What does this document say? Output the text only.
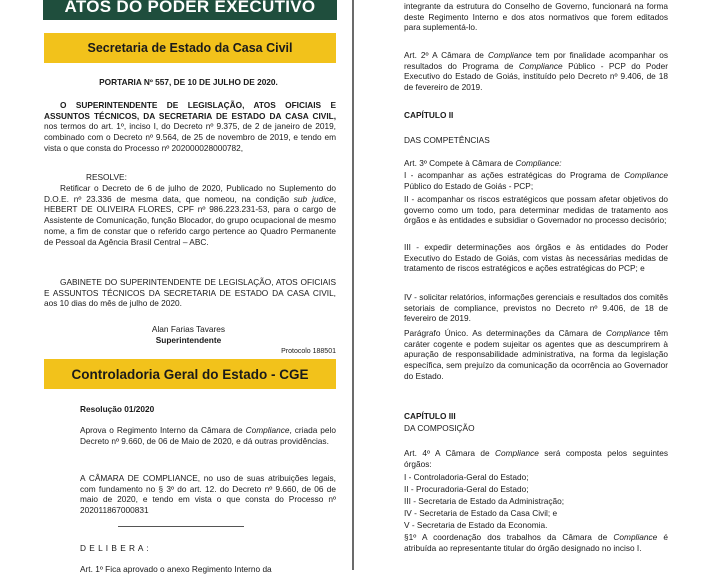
ATOS DO PODER EXECUTIVO
Secretaria de Estado da Casa Civil

PORTARIA Nº 557, DE 10 DE JULHO DE 2020.

O SUPERINTENDENTE DE LEGISLAÇÃO, ATOS OFICIAIS E ASSUNTOS TÉCNICOS, DA SECRETARIA DE ESTADO DA CASA CIVIL, nos termos do art. 1º, inciso I, do Decreto nº 9.375, de 2 de janeiro de 2019, combinado com o Decreto nº 9.564, de 25 de novembro de 2019, e tendo em vista o que consta do Processo nº 202000028000782,

RESOLVE:

Retificar o Decreto de 6 de julho de 2020, Publicado no Suplemento do D.O.E. nº 23.336 de mesma data, que nomeou, na condição sub judice, HEBERT DE OLIVEIRA FLORES, CPF nº 986.223.231-53, para o cargo de Assistente de Comunicação, função Blocador, do grupo ocupacional de mesmo nome, a fim de constar que o referido cargo pertence ao Quadro Permanente de Pessoal da Agência Brasil Central – ABC.

GABINETE DO SUPERINTENDENTE DE LEGISLAÇÃO, ATOS OFICIAIS E ASSUNTOS TÉCNICOS DA SECRETARIA DE ESTADO DA CASA CIVIL, aos 10 dias do mês de julho de 2020.

Alan Farias Tavares

Superintendente

Protocolo 188501

Controladoria Geral do Estado - CGE

Resolução 01/2020

Aprova o Regimento Interno da Câmara de Compliance, criada pelo Decreto nº 9.660, de 06 de Maio de 2020, e dá outras providências.

A CÂMARA DE COMPLIANCE, no uso de suas atribuições legais, com fundamento no § 3º do art. 12. do Decreto nº 9.660, de 06 de maio de 2020, e tendo em vista o que consta do Processo nº 202011867000831

D E L I B E R A :

Art. 1º Fica aprovado o anexo Regimento Interno da

integrante da estrutura do Conselho de Governo, funcionará na forma deste Regimento Interno e dos atos normativos que forem editados para suplementá-lo.

Art. 2º A Câmara de Compliance tem por finalidade acompanhar os resultados do Programa de Compliance Público - PCP do Poder Executivo do Estado de Goiás, instituído pelo Decreto nº 9.406, de 18 de fevereiro de 2019.

CAPÍTULO II

DAS COMPETÊNCIAS

Art. 3º Compete à Câmara de Compliance:

I - acompanhar as ações estratégicas do Programa de Compliance Público do Estado de Goiás - PCP;

II - acompanhar os riscos estratégicos que possam afetar objetivos do governo como um todo, para determinar medidas de tratamento aos órgãos e às entidades e subsidiar o Governador no processo decisório;

III - expedir determinações aos órgãos e às entidades do Poder Executivo do Estado de Goiás, com vistas às necessárias medidas de tratamento de riscos estratégicos e ações estratégicas do PCP; e

IV - solicitar relatórios, informações gerenciais e resultados dos comitês setoriais de compliance, previstos no Decreto nº 9.406, de 18 de fevereiro de 2019.

Parágrafo Único. As determinações da Câmara de Compliance têm caráter cogente e podem sujeitar os agentes que as descumprirem à apuração de responsabilidade administrativa, na forma da legislação específica, sem prejuízo da comunicação da ocorrência ao Governador do Estado.

CAPÍTULO III

DA COMPOSIÇÃO

Art. 4º A Câmara de Compliance será composta pelos seguintes órgãos:

I - Controladoria-Geral do Estado;

II - Procuradoria-Geral do Estado;

III - Secretaria de Estado da Administração;

IV - Secretaria de Estado da Casa Civil; e

V - Secretaria de Estado da Economia.

§1º A coordenação dos trabalhos da Câmara de Compliance é atribuída ao representante titular do órgão designado no inciso I.
